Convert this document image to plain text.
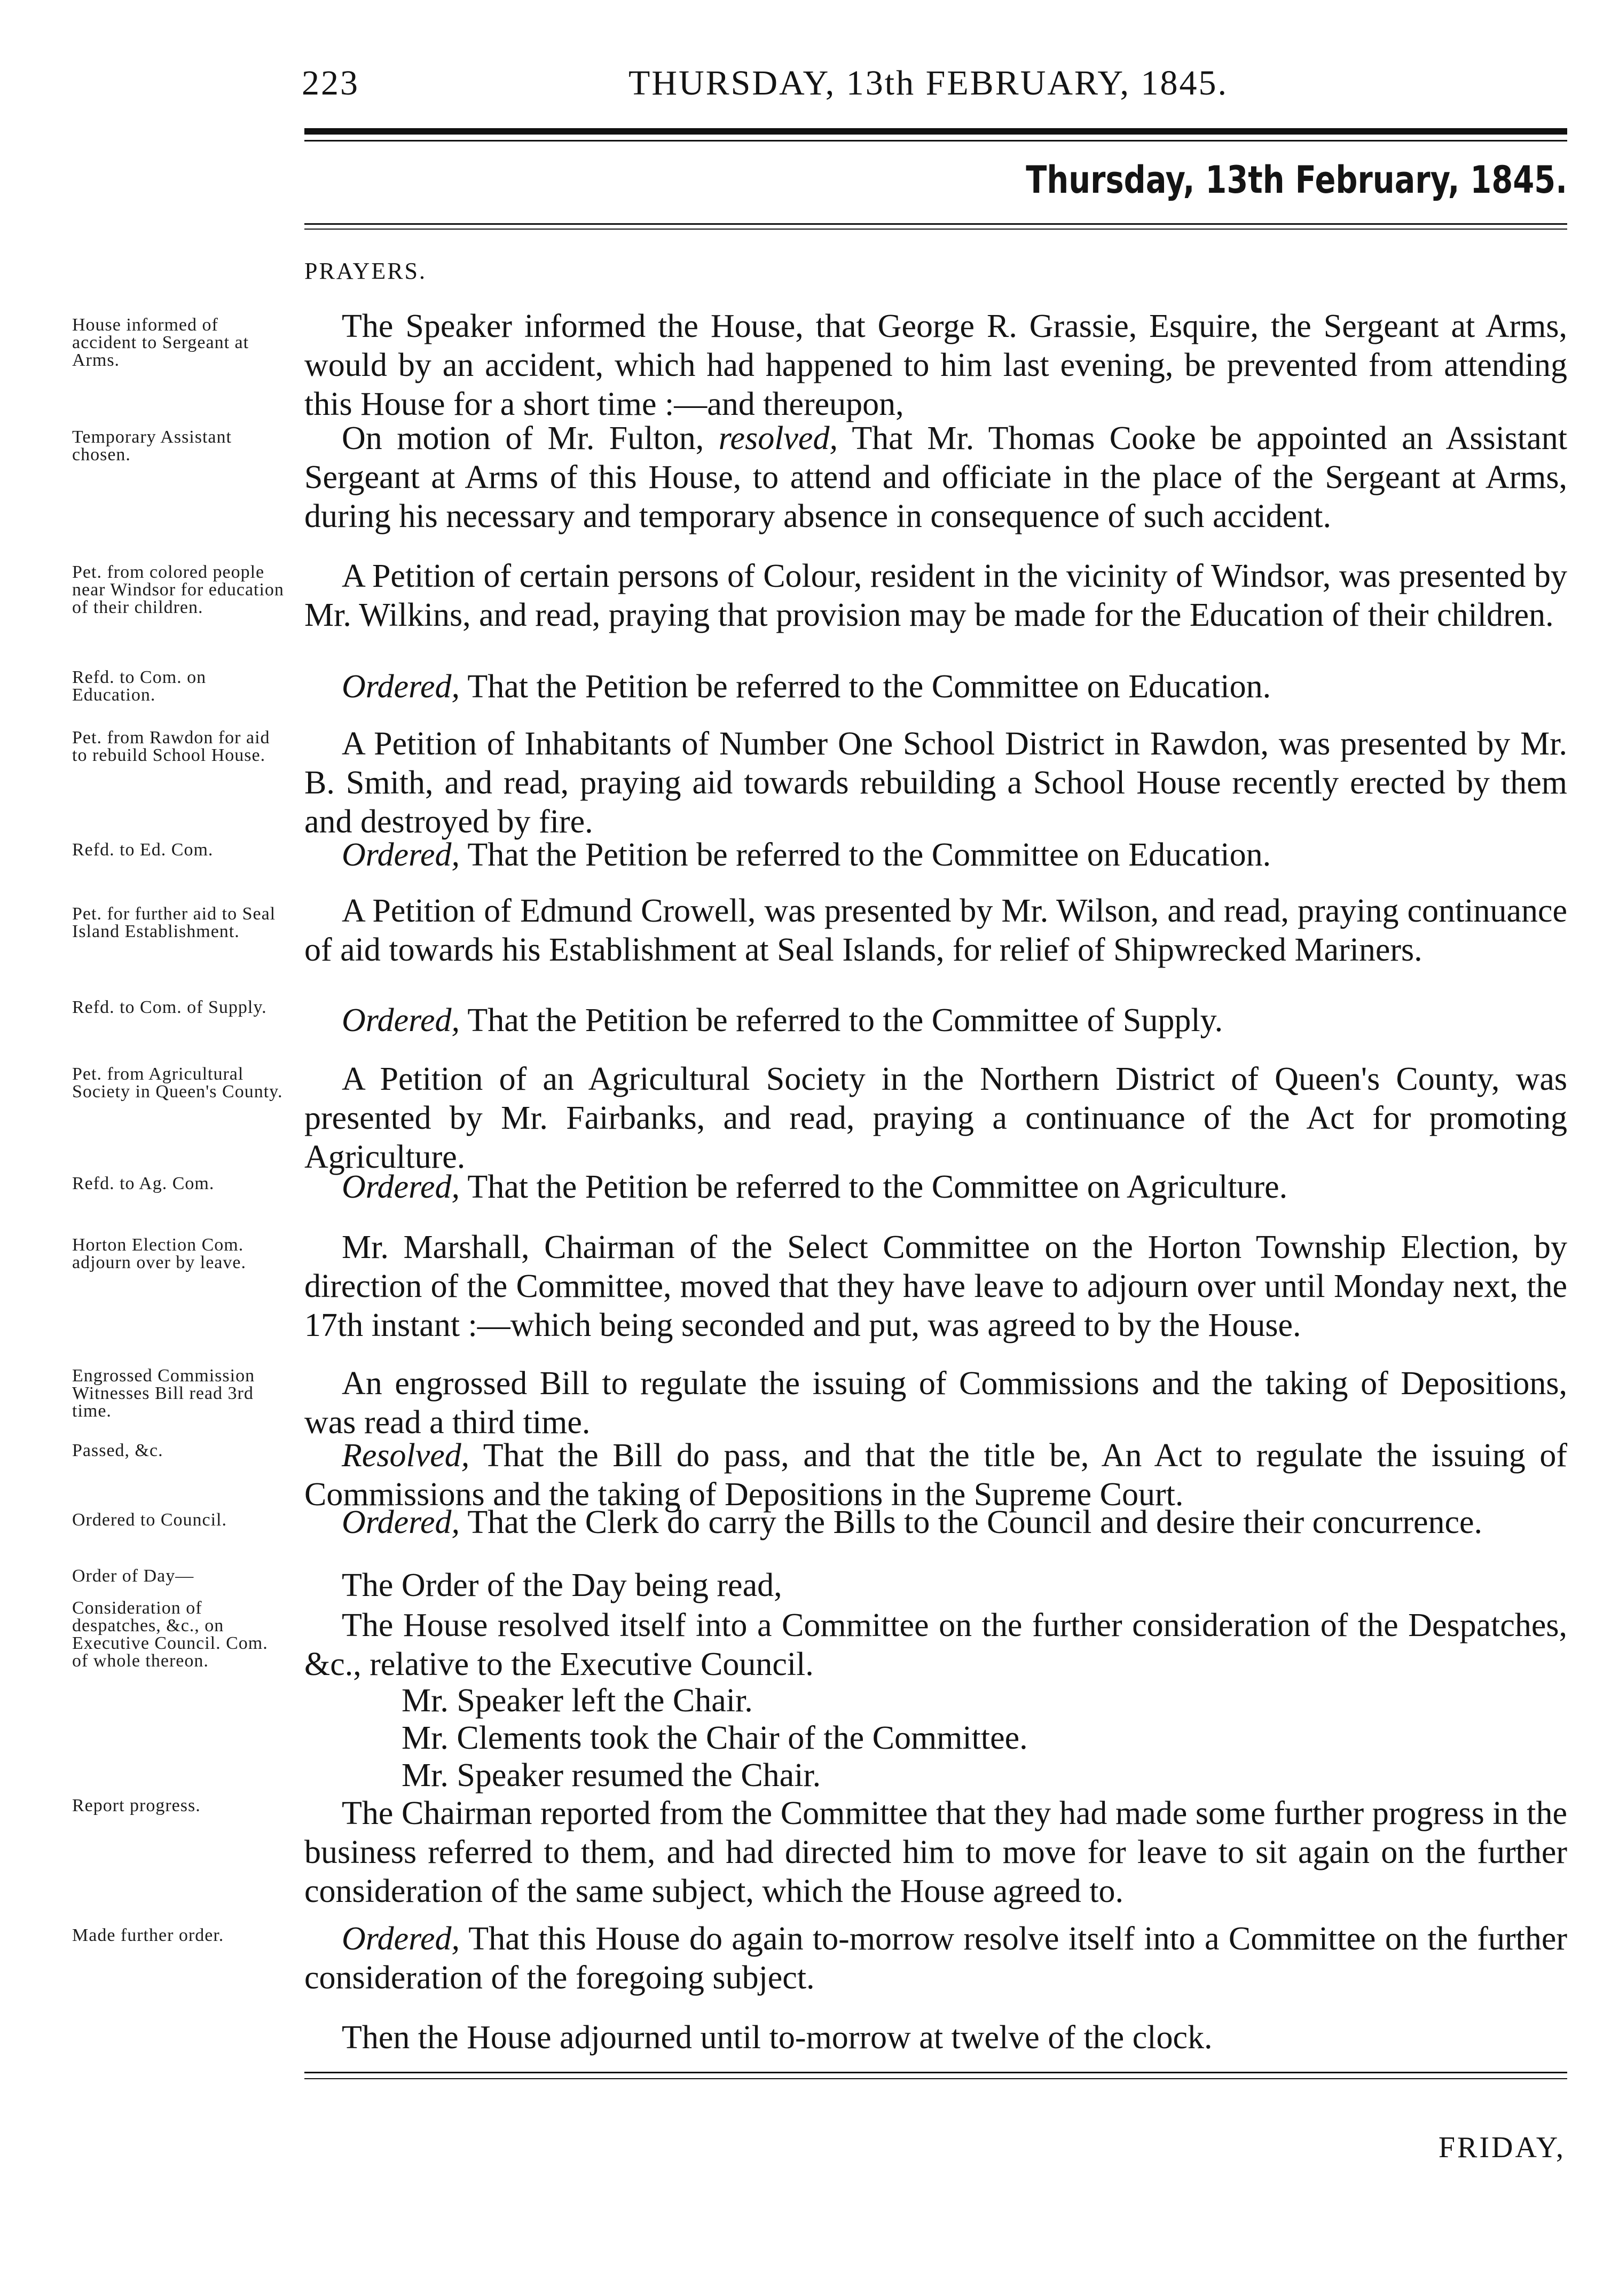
223	THURSDAY, 13th FEBRUARY, 1845.
Thursday, 13th February, 1845.
PRAYERS.
House informed of accident to Sergeant at Arms.
The Speaker informed the House, that George R. Grassie, Esquire, the Sergeant at Arms, would by an accident, which had happened to him last evening, be prevented from attending this House for a short time :—and thereupon,
Temporary Assistant chosen.	On motion of Mr. Fulton, resolved, That Mr. Thomas Cooke be appointed an Assistant Sergeant at Arms of this House, to attend and officiate in the place of the Sergeant at Arms, during his necessary and temporary absence in consequence of such accident.
Pet. from colored people near Windsor for education of their children.
A Petition of certain persons of Colour, resident in the vicinity of Windsor, was presented by Mr. Wilkins, and read, praying that provision may be made for the Education of their children.
Refd. to Com. on Education.	Ordered, That the Petition be referred to the Committee on Education.
Pet. from Rawdon for aid to rebuild School House.	A Petition of Inhabitants of Number One School District in Rawdon, was presented by Mr. B. Smith, and read, praying aid towards rebuilding a School House recently erected by them and destroyed by fire.
Refd. to Ed. Com.	Ordered, That the Petition be referred to the Committee on Education.
Pet. for further aid to Seal Island Establishment.
A Petition of Edmund Crowell, was presented by Mr. Wilson, and read, praying continuance of aid towards his Establishment at Seal Islands, for relief of Shipwrecked Mariners.
Refd. to Com. of Supply.	Ordered, That the Petition be referred to the Committee of Supply.
Pet. from Agricultural Society in Queen's County.	A Petition of an Agricultural Society in the Northern District of Queen's County, was presented by Mr. Fairbanks, and read, praying a continuance of the Act for promoting Agriculture.
Refd. to Ag. Com.	Ordered, That the Petition be referred to the Committee on Agriculture.
Horton Election Com. adjourn over by leave.	Mr. Marshall, Chairman of the Select Committee on the Horton Township Election, by direction of the Committee, moved that they have leave to adjourn over until Monday next, the 17th instant :—which being seconded and put, was agreed to by the House.
Engrossed Commission Witnesses Bill read 3rd time.
An engrossed Bill to regulate the issuing of Commissions and the taking of Depositions, was read a third time.
Passed, &c.	Resolved, That the Bill do pass, and that the title be, An Act to regulate the issuing of Commissions and the taking of Depositions in the Supreme Court.
Ordered to Council.	Ordered, That the Clerk do carry the Bills to the Council and desire their concurrence.
Order of Day—	The Order of the Day being read,
Consideration of despatches, &c., on Executive Council. Com. of whole thereon.
The House resolved itself into a Committee on the further consideration of the Despatches, &c., relative to the Executive Council.
Mr. Speaker left the Chair.
Mr. Clements took the Chair of the Committee.
Mr. Speaker resumed the Chair.
Report progress.	The Chairman reported from the Committee that they had made some further progress in the business referred to them, and had directed him to move for leave to sit again on the further consideration of the same subject, which the House agreed to.
Made further order.	Ordered, That this House do again to-morrow resolve itself into a Committee on the further consideration of the foregoing subject.
Then the House adjourned until to-morrow at twelve of the clock.
FRIDAY,
